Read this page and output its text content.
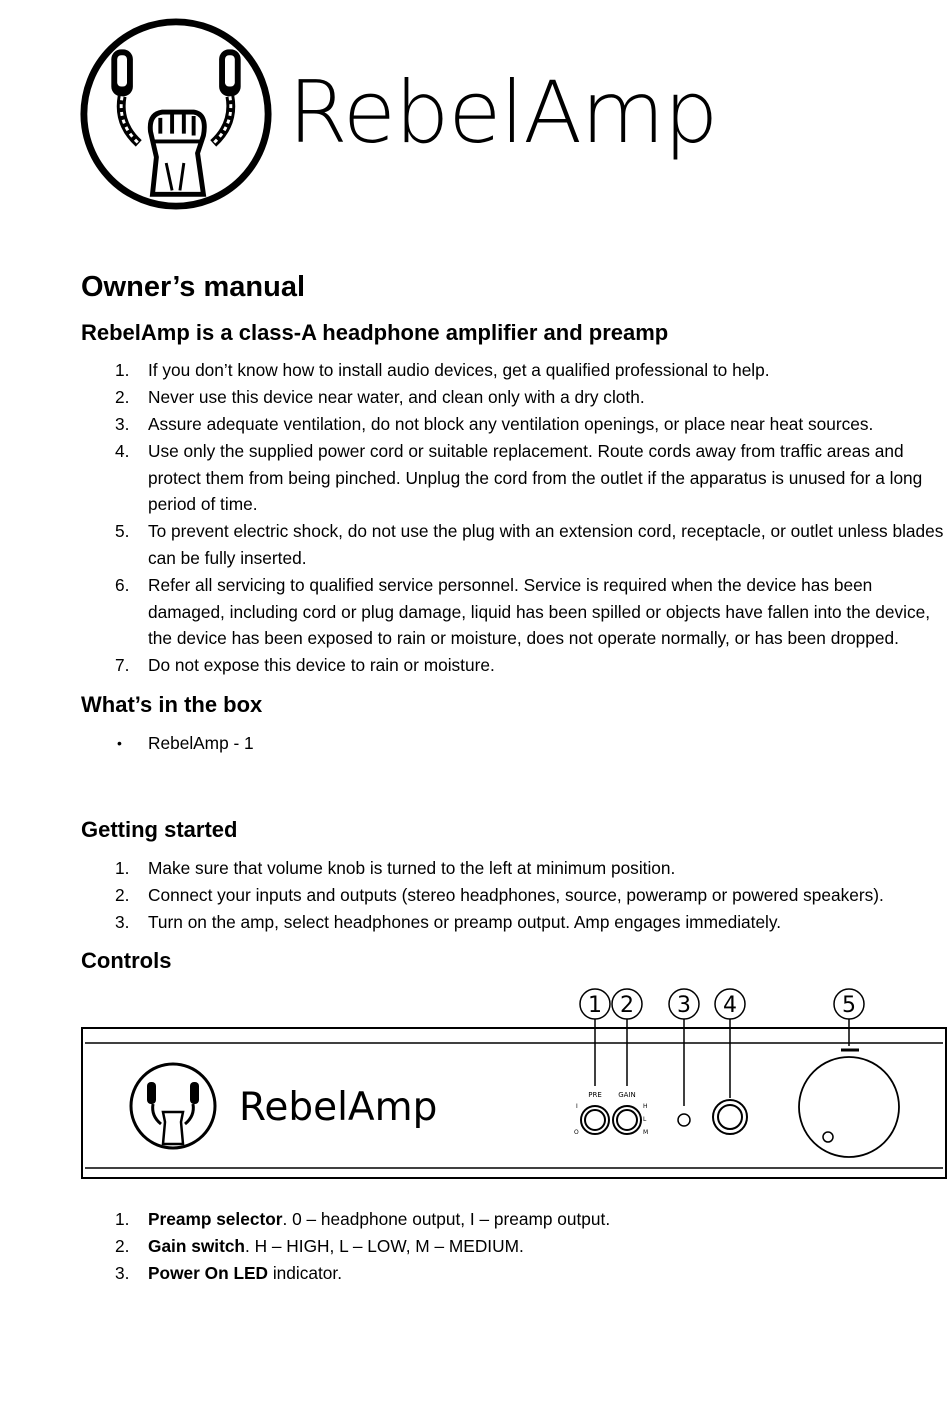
RebelAmp
Owner’s manual
RebelAmp is a class-A headphone amplifier and preamp
1. If you don’t know how to install audio devices, get a qualified professional to help.
2. Never use this device near water, and clean only with a dry cloth.
3. Assure adequate ventilation, do not block any ventilation openings, or place near heat sources.
4. Use only the supplied power cord or suitable replacement. Route cords away from traffic areas and protect them from being pinched. Unplug the cord from the outlet if the apparatus is unused for a long period of time.
5. To prevent electric shock, do not use the plug with an extension cord, receptacle, or outlet unless blades can be fully inserted.
6. Refer all servicing to qualified service personnel. Service is required when the device has been damaged, including cord or plug damage, liquid has been spilled or objects have fallen into the device, the device has been exposed to rain or moisture, does not operate normally, or has been dropped.
7. Do not expose this device to rain or moisture.
What’s in the box
• RebelAmp - 1
Getting started
1. Make sure that volume knob is turned to the left at minimum position.
2. Connect your inputs and outputs (stereo headphones, source, poweramp or powered speakers).
3. Turn on the amp, select headphones or preamp output. Amp engages immediately.
Controls
RebelAmp
1 2 3 4	5
PRE GAIN
I
O
H
L
M
1. Preamp selector. 0 – headphone output, I – preamp output.
2. Gain switch. H – HIGH, L – LOW, M – MEDIUM.
3. Power On LED indicator.
